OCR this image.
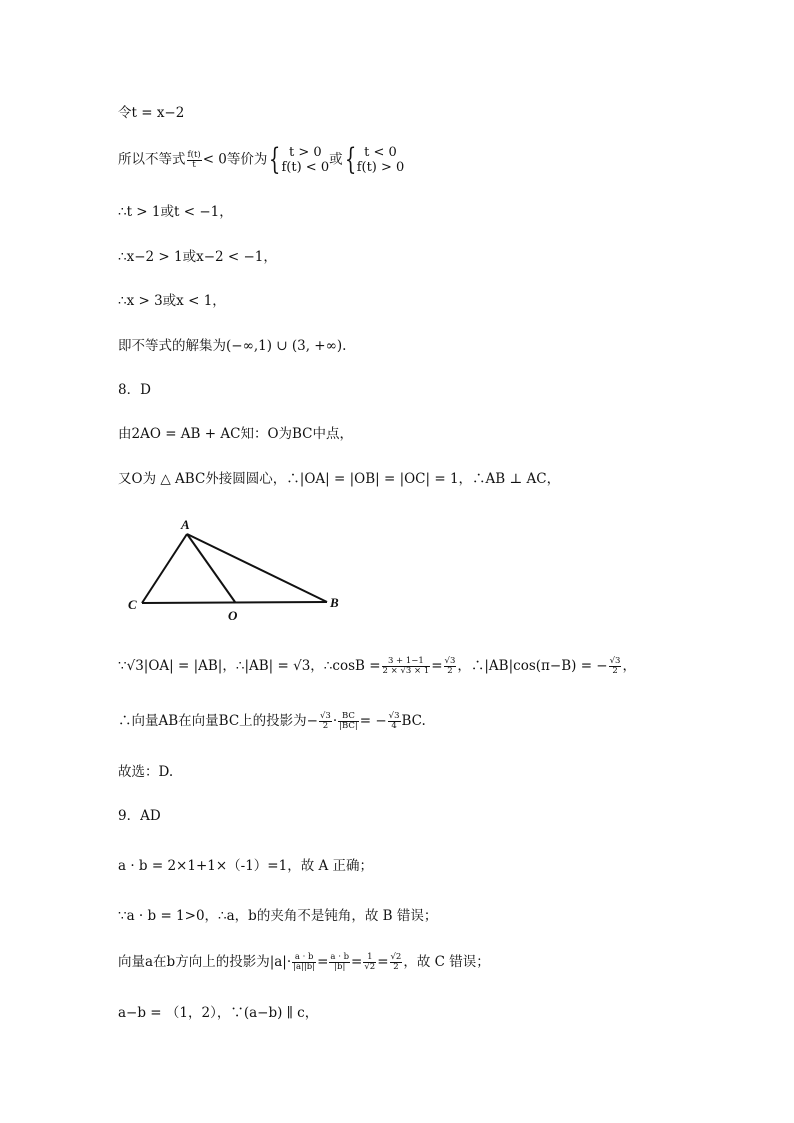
令t = x−2
所以不等式 $\frac{f(t)}{t} < 0$等价为{ t > 0
f(t) < 0 或{ t < 0
f(t) > 0
∴t > 1或t < −1，
∴x−2 > 1或x−2 < −1，
∴x > 3或x < 1，
即不等式的解集为(−∞,1) ∪ (3, +∞).
8．D
由2AO = AB + AC知：O为BC中点，
又O为 △ ABC外接圆圆心，∴|OA| = |OB| = |OC| = 1，∴AB ⊥ AC，
A
C	B
O
∵√3|OA| = |AB|，∴|AB| = √3，∴cosB = $\frac{3 + 1-1}{2 \times √3 \times 1} = \frac{√3}{2}$ ，∴|AB|cos(π−B) = − $\frac{√3}{2}$ ，
∴向量AB在向量BC上的投影为− $\frac{√3}{2} \cdot \frac{BC}{|BC|}$ = − $\frac{√3}{4}$ BC.
故选：D.
9．AD
a · b = 2×1+1×（-1）=1，故 A 正确；
∵a · b = 1>0，∴a，b的夹角不是钝角，故 B 错误；
向量a在b方向上的投影为$|a|\cdot \frac{a \cdot b}{|a||b|} = \frac{a \cdot b}{|b|} = \frac{1}{√2} = \frac{√2}{2}$ ，故 C 错误；
a−b = （1，2），∵(a−b) ∥ c，
